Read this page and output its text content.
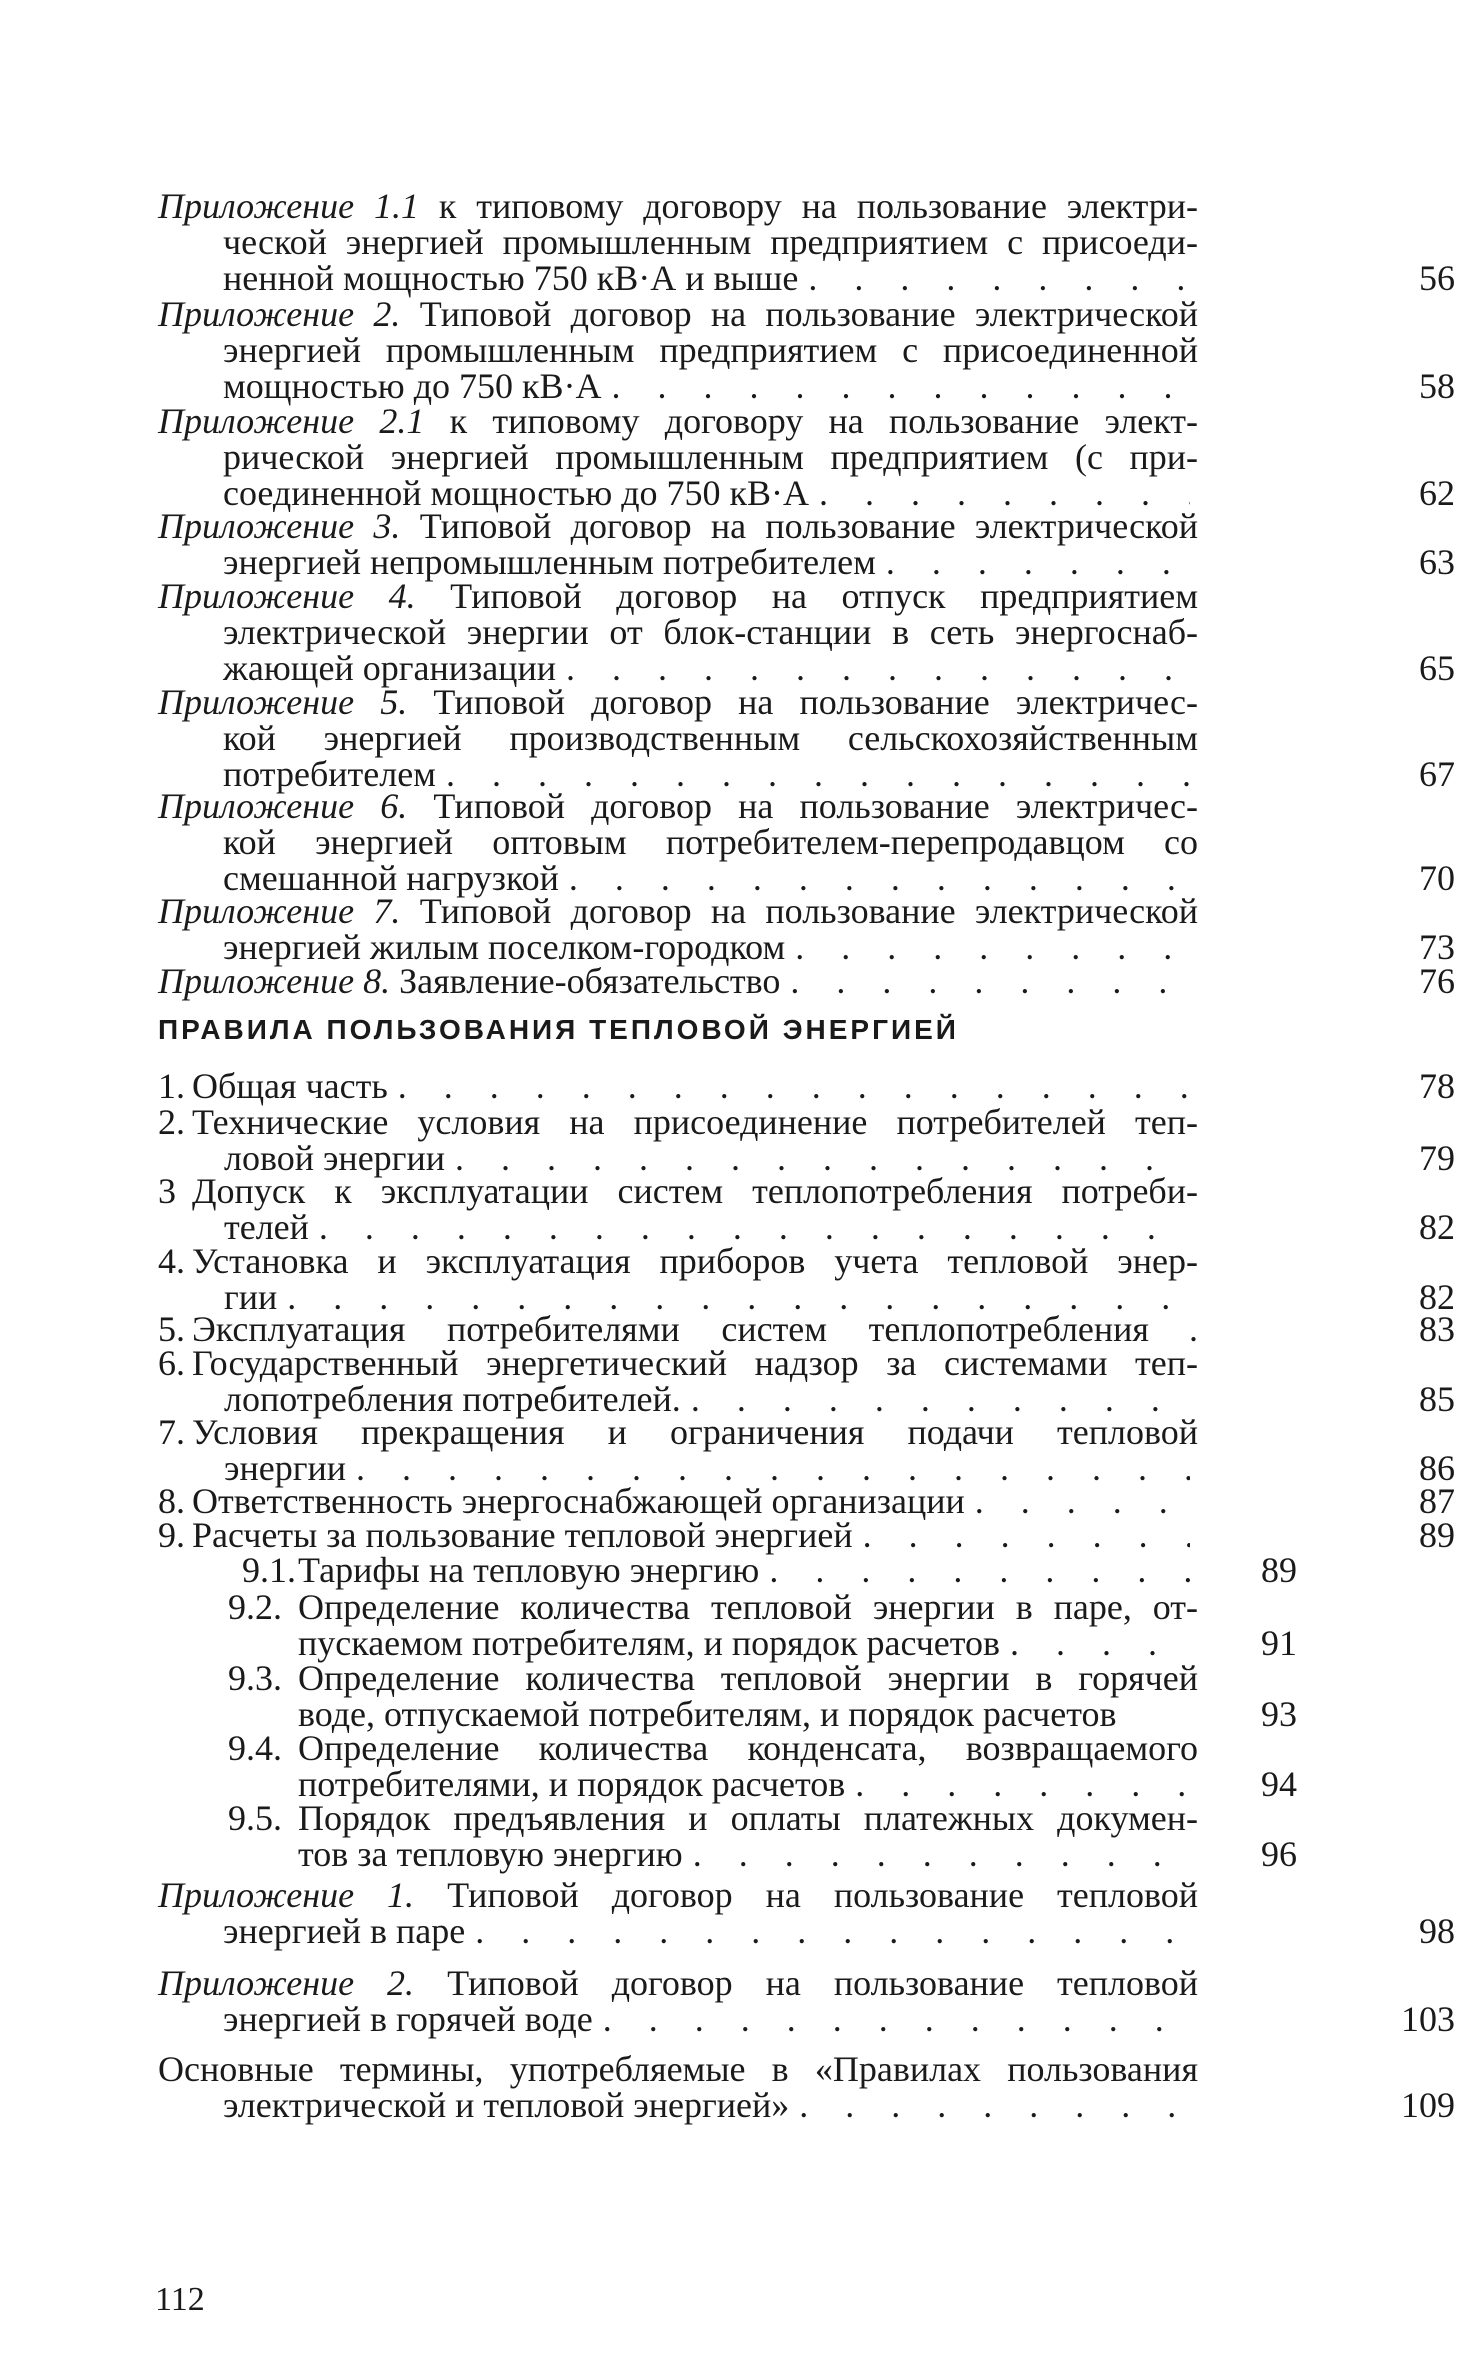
Приложение 1.1 к типовому договору на пользование электри-
ческой энергией промышленным предприятием с присоеди-
ненной мощностью 750 кВ·А и выше . . .	56
Приложение 2. Типовой договор на пользование электрической
энергией промышленным предприятием с присоединенной
мощностью до 750 кВ·А . . .	58
Приложение 2.1 к типовому договору на пользование элект-
рической энергией промышленным предприятием (с при-
соединенной мощностью до 750 кВ·А . . .	62
Приложение 3. Типовой договор на пользование электрической
энергией непромышленным потребителем . . .	63
Приложение 4. Типовой договор на отпуск предприятием
электрической энергии от блок-станции в сеть энергоснаб-
жающей организации . . .	65
Приложение 5. Типовой договор на пользование электричес-
кой энергией производственным сельскохозяйственным
потребителем . . .	67
Приложение 6. Типовой договор на пользование электричес-
кой энергией оптовым потребителем-перепродавцом со
смешанной нагрузкой . . .	70
Приложение 7. Типовой договор на пользование электрической
энергией жилым поселком-городком . . .	73
Приложение 8.
Заявление-обязательство . . .	76
ПРАВИЛА ПОЛЬЗОВАНИЯ ТЕПЛОВОЙ ЭНЕРГИЕЙ
1. Общая часть . . .	78
2. Технические условия на присоединение потребителей теп-
ловой энергии . . .	79
3 Допуск к эксплуатации систем теплопотребления потреби-
телей . . .	82
4. Установка и эксплуатация приборов учета тепловой энер-
гии . . .	82
5. Эксплуатация потребителями систем теплопотребления	.	83
6. Государственный энергетический надзор за системами теп-
лопотребления потребителей. . . .	85
7. Условия прекращения и ограничения подачи тепловой
энергии . . .	86
8. Ответственность энергоснабжающей организации . . .	87
9. Расчеты за пользование тепловой энергией . . .	89
9.1. Тарифы на тепловую энергию . . .	89
9.2. Определение количества тепловой энергии в паре, от-
пускаемом потребителям, и порядок расчетов . . .	91
9.3. Определение количества тепловой энергии в горячей
воде, отпускаемой потребителям, и порядок расчетов	93
9.4. Определение количества конденсата, возвращаемого
потребителями, и порядок расчетов . . .	94
9.5. Порядок предъявления и оплаты платежных докумен-
тов за тепловую энергию . . .	96
Приложение 1. Типовой договор на пользование тепловой
энергией в паре . . .	98
Приложение 2. Типовой договор на пользование тепловой
энергией в горячей воде . . .	103
Основные термины, употребляемые в «Правилах пользования
электрической и тепловой энергией» . . .	109
112
